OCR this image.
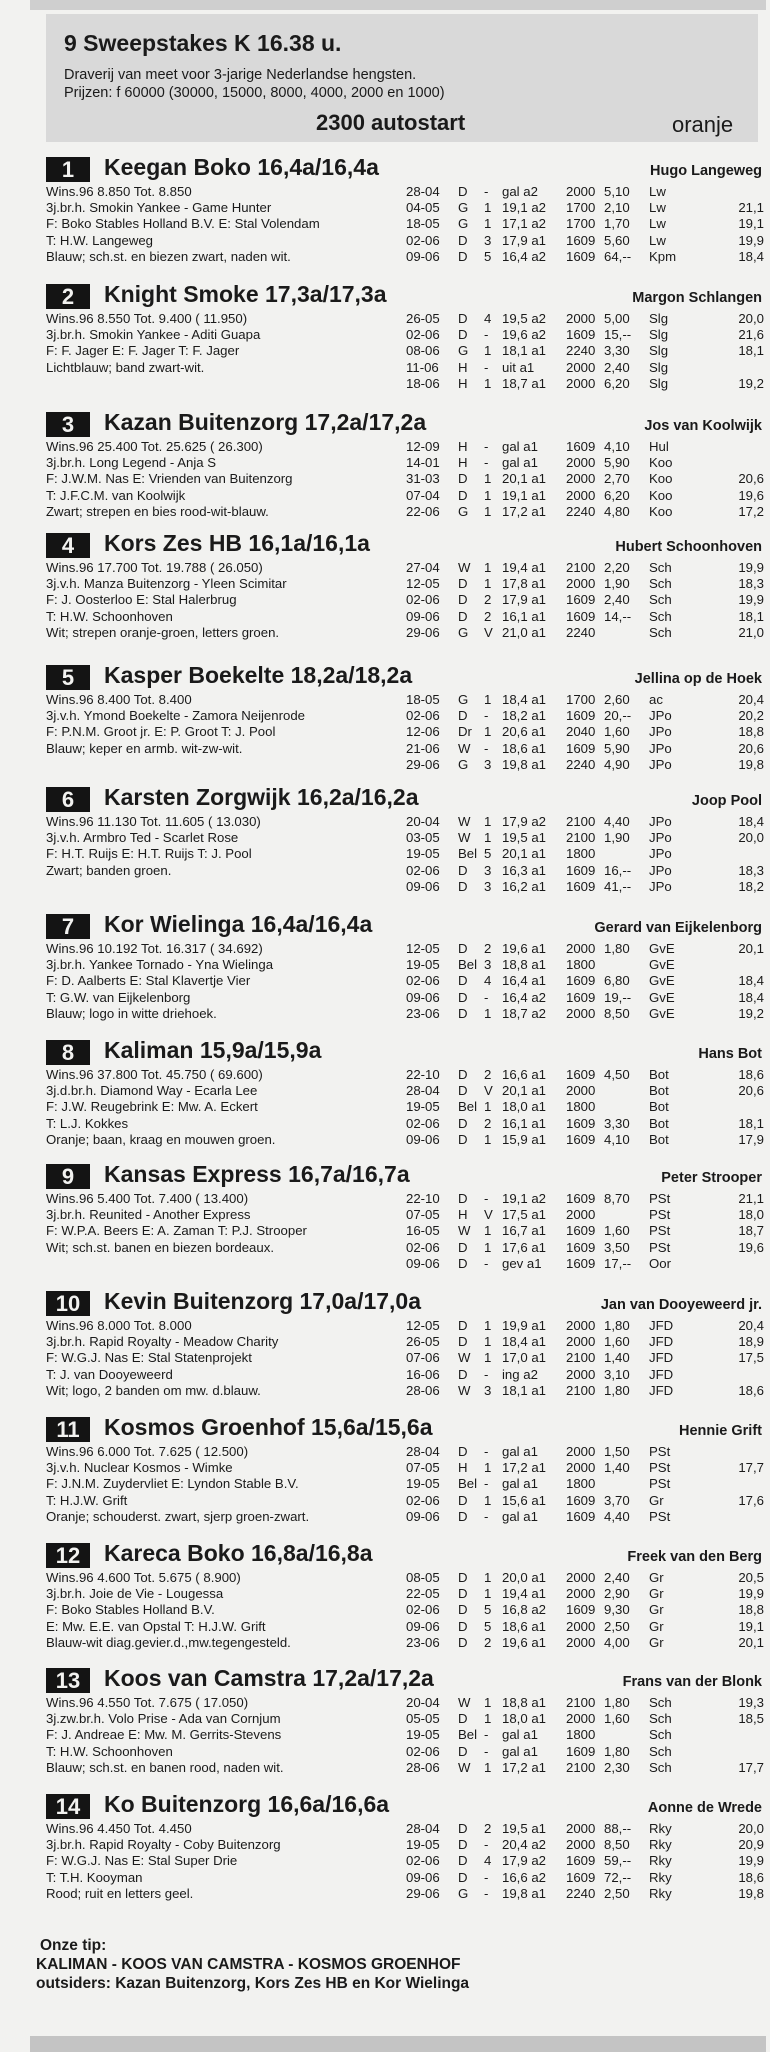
9 Sweepstakes K 16.38 u.
Draverij van meet voor 3-jarige Nederlandse hengsten.
Prijzen: f 60000 (30000, 15000, 8000, 4000, 2000 en 1000)
2300 autostart	oranje
1	Keegan Boko 16,4a/16,4a	Hugo Langeweg
Wins.96 8.850 Tot. 8.850
3j.br.h. Smokin Yankee - Game Hunter
F: Boko Stables Holland B.V. E: Stal Volendam
T: H.W. Langeweg
Blauw; sch.st. en biezen zwart, naden wit.
28-04 D - gal a2 2000 5,10 Lw
04-05 G 1 19,1 a2 1700 2,10 Lw	21,1
18-05 G 1 17,1 a2 1700 1,70 Lw	19,1
02-06 D 3 17,9 a1 1609 5,60 Lw	19,9
09-06 D 5 16,4 a2 1609 64,-- Kpm	18,4
2	Knight Smoke 17,3a/17,3a	Margon Schlangen
Wins.96 8.550 Tot. 9.400 ( 11.950)
3j.br.h. Smokin Yankee - Aditi Guapa
F: F. Jager E: F. Jager T: F. Jager
Lichtblauw; band zwart-wit.
26-05 D 4 19,5 a2 2000 5,00 Slg	20,0
02-06 D - 19,6 a2 1609 15,-- Slg	21,6
08-06 G 1 18,1 a1 2240 3,30 Slg	18,1
11-06 H - uit a1 2000 2,40 Slg
18-06 H 1 18,7 a1 2000 6,20 Slg	19,2
3	Kazan Buitenzorg 17,2a/17,2a	Jos van Koolwijk
Wins.96 25.400 Tot. 25.625 ( 26.300)
3j.br.h. Long Legend - Anja S
F: J.W.M. Nas E: Vrienden van Buitenzorg
T: J.F.C.M. van Koolwijk
Zwart; strepen en bies rood-wit-blauw.
12-09 H - gal a1 1609 4,10 Hul
14-01 H - gal a1 2000 5,90 Koo
31-03 D 1 20,1 a1 2000 2,70 Koo	20,6
07-04 D 1 19,1 a1 2000 6,20 Koo	19,6
22-06 G 1 17,2 a1 2240 4,80 Koo	17,2
4	Kors Zes HB 16,1a/16,1a	Hubert Schoonhoven
Wins.96 17.700 Tot. 19.788 ( 26.050)
3j.v.h. Manza Buitenzorg - Yleen Scimitar
F: J. Oosterloo E: Stal Halerbrug
T: H.W. Schoonhoven
Wit; strepen oranje-groen, letters groen.
27-04 W 1 19,4 a1 2100 2,20 Sch	19,9
12-05 D 1 17,8 a1 2000 1,90 Sch	18,3
02-06 D 2 17,9 a1 1609 2,40 Sch	19,9
09-06 D 2 16,1 a1 1609 14,-- Sch	18,1
29-06 G V 21,0 a1 2240	Sch	21,0
5	Kasper Boekelte 18,2a/18,2a	Jellina op de Hoek
Wins.96 8.400 Tot. 8.400
3j.v.h. Ymond Boekelte - Zamora Neijenrode
F: P.N.M. Groot jr. E: P. Groot T: J. Pool
Blauw; keper en armb. wit-zw-wit.
18-05 G 1 18,4 a1 1700 2,60 ac	20,4
02-06 D - 18,2 a1 1609 20,-- JPo	20,2
12-06 Dr 1 20,6 a1 2040 1,60 JPo	18,8
21-06 W - 18,6 a1 1609 5,90 JPo	20,6
29-06 G 3 19,8 a1 2240 4,90 JPo	19,8
6	Karsten Zorgwijk 16,2a/16,2a	Joop Pool
Wins.96 11.130 Tot. 11.605 ( 13.030)
3j.v.h. Armbro Ted - Scarlet Rose
F: H.T. Ruijs E: H.T. Ruijs T: J. Pool
Zwart; banden groen.
20-04 W 1 17,9 a2 2100 4,40 JPo	18,4
03-05 W 1 19,5 a1 2100 1,90 JPo	20,0
19-05 Bel 5 20,1 a1 1800	JPo
02-06 D 3 16,3 a1 1609 16,-- JPo	18,3
09-06 D 3 16,2 a1 1609 41,-- JPo	18,2
7	Kor Wielinga 16,4a/16,4a	Gerard van Eijkelenborg
Wins.96 10.192 Tot. 16.317 ( 34.692)
3j.br.h. Yankee Tornado - Yna Wielinga
F: D. Aalberts E: Stal Klavertje Vier
T: G.W. van Eijkelenborg
Blauw; logo in witte driehoek.
12-05 D 2 19,6 a1 2000 1,80 GvE	20,1
19-05 Bel 3 18,8 a1 1800	GvE
02-06 D 4 16,4 a1 1609 6,80 GvE	18,4
09-06 D - 16,4 a2 1609 19,-- GvE	18,4
23-06 D 1 18,7 a2 2000 8,50 GvE	19,2
8	Kaliman 15,9a/15,9a	Hans Bot
Wins.96 37.800 Tot. 45.750 ( 69.600)
3j.d.br.h. Diamond Way - Ecarla Lee
F: J.W. Reugebrink E: Mw. A. Eckert
T: L.J. Kokkes
Oranje; baan, kraag en mouwen groen.
22-10 D 2 16,6 a1 1609 4,50 Bot	18,6
28-04 D V 20,1 a1 2000	Bot	20,6
19-05 Bel 1 18,0 a1 1800	Bot
02-06 D 2 16,1 a1 1609 3,30 Bot	18,1
09-06 D 1 15,9 a1 1609 4,10 Bot	17,9
9	Kansas Express 16,7a/16,7a	Peter Strooper
Wins.96 5.400 Tot. 7.400 ( 13.400)
3j.br.h. Reunited - Another Express
F: W.P.A. Beers E: A. Zaman T: P.J. Strooper
Wit; sch.st. banen en biezen bordeaux.
22-10 D - 19,1 a2 1609 8,70 PSt	21,1
07-05 H V 17,5 a1 2000	PSt	18,0
16-05 W 1 16,7 a1 1609 1,60 PSt	18,7
02-06 D 1 17,6 a1 1609 3,50 PSt	19,6
09-06 D - gev a1 1609 17,-- Oor
10	Kevin Buitenzorg 17,0a/17,0a	Jan van Dooyeweerd jr.
Wins.96 8.000 Tot. 8.000
3j.br.h. Rapid Royalty - Meadow Charity
F: W.G.J. Nas E: Stal Statenprojekt
T: J. van Dooyeweerd
Wit; logo, 2 banden om mw. d.blauw.
12-05 D 1 19,9 a1 2000 1,80 JFD	20,4
26-05 D 1 18,4 a1 2000 1,60 JFD	18,9
07-06 W 1 17,0 a1 2100 1,40 JFD	17,5
16-06 D - ing a2 2000 3,10 JFD
28-06 W 3 18,1 a1 2100 1,80 JFD	18,6
11	Kosmos Groenhof 15,6a/15,6a	Hennie Grift
Wins.96 6.000 Tot. 7.625 ( 12.500)
3j.v.h. Nuclear Kosmos - Wimke
F: J.N.M. Zuydervliet E: Lyndon Stable B.V.
T: H.J.W. Grift
Oranje; schouderst. zwart, sjerp groen-zwart.
28-04 D - gal a1 2000 1,50 PSt
07-05 H 1 17,2 a1 2000 1,40 PSt	17,7
19-05 Bel - gal a1 1800	PSt
02-06 D 1 15,6 a1 1609 3,70 Gr	17,6
09-06 D - gal a1 1609 4,40 PSt
12	Kareca Boko 16,8a/16,8a	Freek van den Berg
Wins.96 4.600 Tot. 5.675 ( 8.900)
3j.br.h. Joie de Vie - Lougessa
F: Boko Stables Holland B.V.
E: Mw. E.E. van Opstal T: H.J.W. Grift
Blauw-wit diag.gevier.d.,mw.tegengesteld.
08-05 D 1 20,0 a1 2000 2,40 Gr	20,5
22-05 D 1 19,4 a1 2000 2,90 Gr	19,9
02-06 D 5 16,8 a2 1609 9,30 Gr	18,8
09-06 D 5 18,6 a1 2000 2,50 Gr	19,1
23-06 D 2 19,6 a1 2000 4,00 Gr	20,1
13	Koos van Camstra 17,2a/17,2a	Frans van der Blonk
Wins.96 4.550 Tot. 7.675 ( 17.050)
3j.zw.br.h. Volo Prise - Ada van Cornjum
F: J. Andreae E: Mw. M. Gerrits-Stevens
T: H.W. Schoonhoven
Blauw; sch.st. en banen rood, naden wit.
20-04 W 1 18,8 a1 2100 1,80 Sch	19,3
05-05 D 1 18,0 a1 2000 1,60 Sch	18,5
19-05 Bel - gal a1 1800	Sch
02-06 D - gal a1 1609 1,80 Sch
28-06 W 1 17,2 a1 2100 2,30 Sch	17,7
14	Ko Buitenzorg 16,6a/16,6a	Aonne de Wrede
Wins.96 4.450 Tot. 4.450
3j.br.h. Rapid Royalty - Coby Buitenzorg
F: W.G.J. Nas E: Stal Super Drie
T: T.H. Kooyman
Rood; ruit en letters geel.
28-04 D 2 19,5 a1 2000 88,-- Rky	20,0
19-05 D - 20,4 a2 2000 8,50 Rky	20,9
02-06 D 4 17,9 a2 1609 59,-- Rky	19,9
09-06 D - 16,6 a2 1609 72,-- Rky	18,6
29-06 G - 19,8 a1 2240 2,50 Rky	19,8
Onze tip:
KALIMAN - KOOS VAN CAMSTRA - KOSMOS GROENHOF
outsiders: Kazan Buitenzorg, Kors Zes HB en Kor Wielinga
